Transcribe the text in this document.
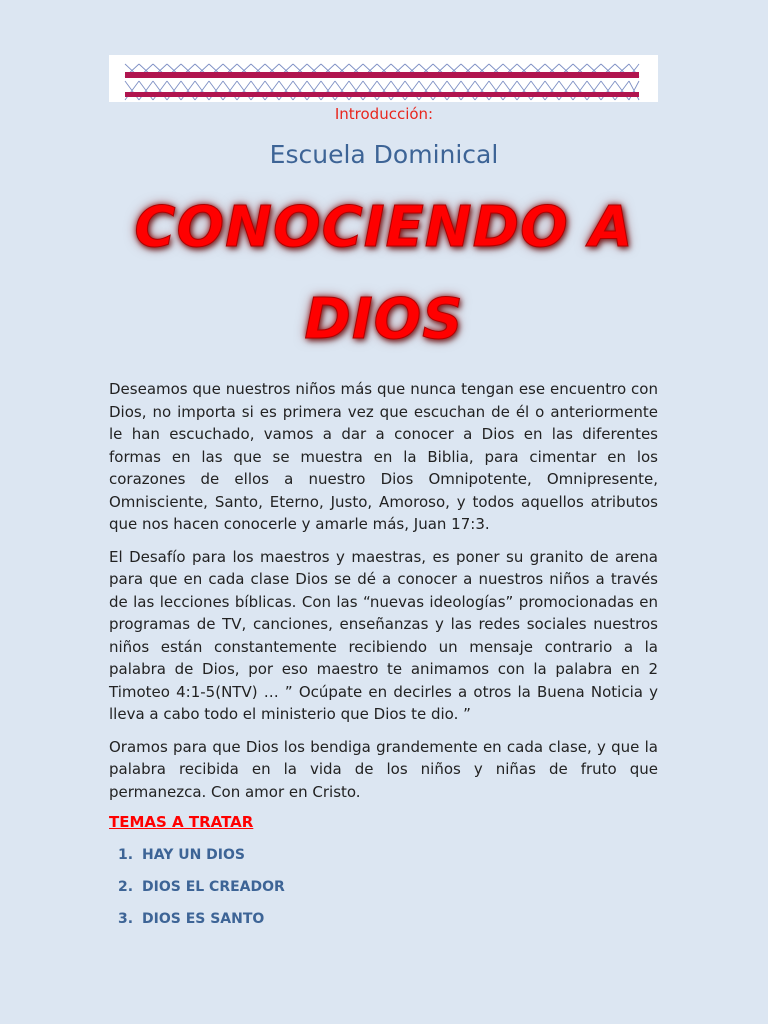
Introducción:
Escuela Dominical
CONOCIENDO A
DIOS

Deseamos que nuestros niños más que nunca tengan ese encuentro con Dios, no importa si es primera vez que escuchan de él o anteriormente le han escuchado, vamos a dar a conocer a Dios en las diferentes formas en las que se muestra en la Biblia, para cimentar en los corazones de ellos a nuestro Dios Omnipotente, Omnipresente, Omnisciente, Santo, Eterno, Justo, Amoroso, y todos aquellos atributos que nos hacen conocerle y amarle más, Juan 17:3.

El Desafío para los maestros y maestras, es poner su granito de arena para que en cada clase Dios se dé a conocer a nuestros niños a través de las lecciones bíblicas. Con las “nuevas ideologías” promocionadas en programas de TV, canciones, enseñanzas y las redes sociales nuestros niños están constantemente recibiendo un mensaje contrario a la palabra de Dios, por eso maestro te animamos con la palabra en 2 Timoteo 4:1-5(NTV) … ” Ocúpate en decirles a otros la Buena Noticia y lleva a cabo todo el ministerio que Dios te dio. ”

Oramos para que Dios los bendiga grandemente en cada clase, y que la palabra recibida en la vida de los niños y niñas de fruto que permanezca. Con amor en Cristo.

TEMAS A TRATAR
1. HAY UN DIOS
2. DIOS EL CREADOR
3. DIOS ES SANTO
